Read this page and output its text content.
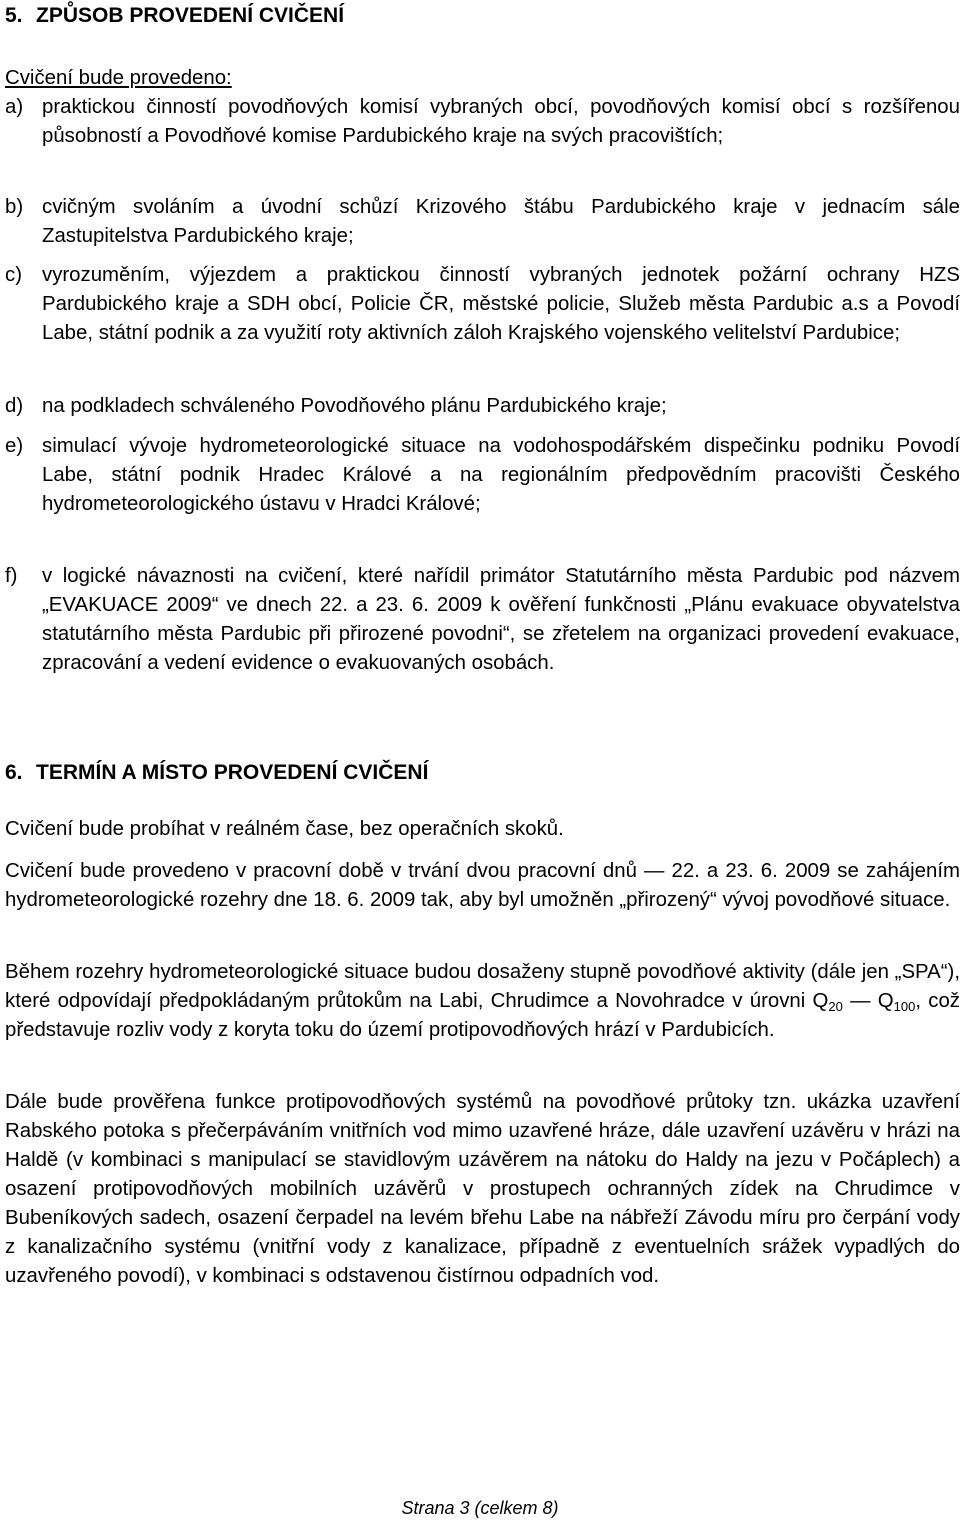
5. ZPŮSOB PROVEDENÍ CVIČENÍ

Cvičení bude provedeno:

a) praktickou činností povodňových komisí vybraných obcí, povodňových komisí obcí s rozšířenou působností a Povodňové komise Pardubického kraje na svých pracovištích;

b) cvičným svoláním a úvodní schůzí Krizového štábu Pardubického kraje v jednacím sále Zastupitelstva Pardubického kraje;

c) vyrozuměním, výjezdem a praktickou činností vybraných jednotek požární ochrany HZS Pardubického kraje a SDH obcí, Policie ČR, městské policie, Služeb města Pardubic a.s a Povodí Labe, státní podnik a za využití roty aktivních záloh Krajského vojenského velitelství Pardubice;

d) na podkladech schváleného Povodňového plánu Pardubického kraje;

e) simulací vývoje hydrometeorologické situace na vodohospodářském dispečinku podniku Povodí Labe, státní podnik Hradec Králové a na regionálním předpovědním pracovišti Českého hydrometeorologického ústavu v Hradci Králové;

f) v logické návaznosti na cvičení, které nařídil primátor Statutárního města Pardubic pod názvem „EVAKUACE 2009“ ve dnech 22. a 23. 6. 2009 k ověření funkčnosti „Plánu evakuace obyvatelstva statutárního města Pardubic při přirozené povodni“, se zřetelem na organizaci provedení evakuace, zpracování a vedení evidence o evakuovaných osobách.

6. TERMÍN A MÍSTO PROVEDENÍ CVIČENÍ

Cvičení bude probíhat v reálném čase, bez operačních skoků.

Cvičení bude provedeno v pracovní době v trvání dvou pracovní dnů — 22. a 23. 6. 2009 se zahájením hydrometeorologické rozehry dne 18. 6. 2009 tak, aby byl umožněn „přirozený“ vývoj povodňové situace.

Během rozehry hydrometeorologické situace budou dosaženy stupně povodňové aktivity (dále jen „SPA“), které odpovídají předpokládaným průtokům na Labi, Chrudimce a Novohradce v úrovni $Q_{20}$ — $Q_{100}$, což představuje rozliv vody z koryta toku do území protipovodňových hrází v Pardubicích.

Dále bude prověřena funkce protipovodňových systémů na povodňové průtoky tzn. ukázka uzavření Rabského potoka s přečerpáváním vnitřních vod mimo uzavřené hráze, dále uzavření uzávěru v hrázi na Haldě (v kombinaci s manipulací se stavidlovým uzávěrem na nátoku do Haldy na jezu v Počáplech) a osazení protipovodňových mobilních uzávěrů v prostupech ochranných zídek na Chrudimce v Bubeníkových sadech, osazení čerpadel na levém břehu Labe na nábřeží Závodu míru pro čerpání vody z kanalizačního systému (vnitřní vody z kanalizace, případně z eventuelních srážek vypadlých do uzavřeného povodí), v kombinaci s odstavenou čistírnou odpadních vod.

Strana 3 (celkem 8)
